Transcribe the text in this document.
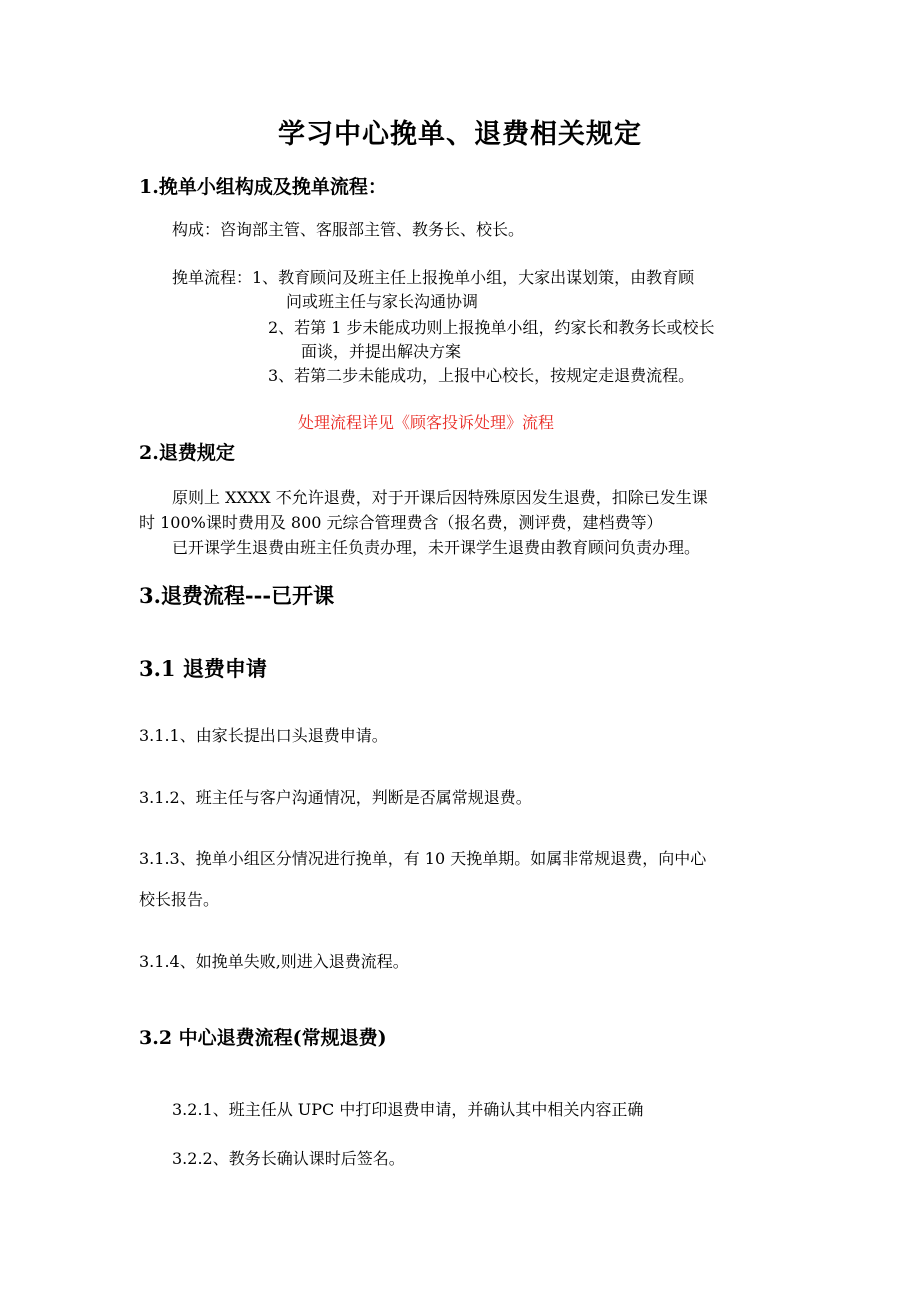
学习中心挽单、退费相关规定
1.挽单小组构成及挽单流程：
构成：咨询部主管、客服部主管、教务长、校长。
挽单流程： 1、教育顾问及班主任上报挽单小组，大家出谋划策，由教育顾
问或班主任与家长沟通协调
2、若第 1 步未能成功则上报挽单小组，约家长和教务长或校长
面谈，并提出解决方案
3、若第二步未能成功，上报中心校长，按规定走退费流程。
处理流程详见《顾客投诉处理》流程
2.退费规定
原则上 XXXX 不允许退费，对于开课后因特殊原因发生退费，扣除已发生课
时 100%课时费用及 800 元综合管理费含（报名费，测评费，建档费等）
已开课学生退费由班主任负责办理，未开课学生退费由教育顾问负责办理。
3.退费流程---已开课
3.1 退费申请
3.1.1、由家长提出口头退费申请。
3.1.2、班主任与客户沟通情况，判断是否属常规退费。
3.1.3、挽单小组区分情况进行挽单，有 10 天挽单期。如属非常规退费，向中心
校长报告。
3.1.4、如挽单失败,则进入退费流程。
3.2 中心退费流程(常规退费)
3.2.1、班主任从 UPC 中打印退费申请，并确认其中相关内容正确
3.2.2、教务长确认课时后签名。
